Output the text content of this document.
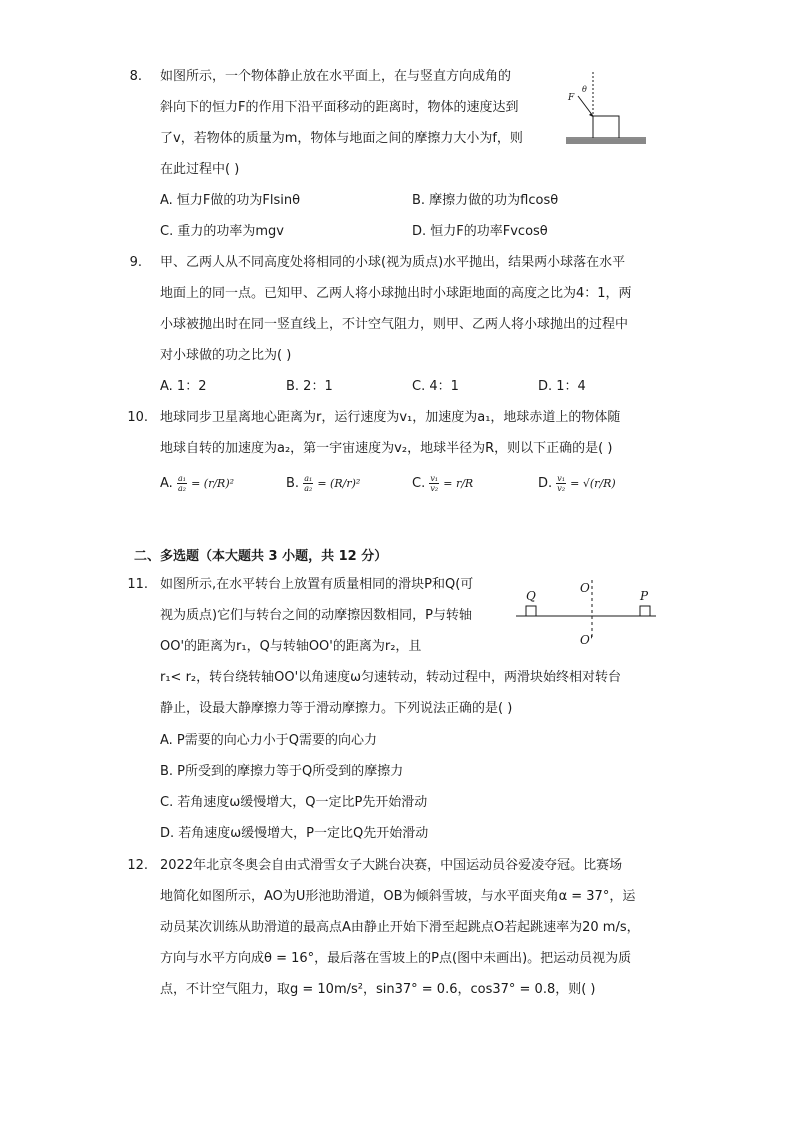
8. 如图所示，一个物体静止放在水平面上，在与竖直方向成角的
斜向下的恒力F的作用下沿平面移动的距离时，物体的速度达到
了v，若物体的质量为m，物体与地面之间的摩擦力大小为f，则
在此过程中( )
F
θ
A. 恒力F做的功为Flsinθ	B. 摩擦力做的功为flcosθ
C. 重力的功率为mgv	D. 恒力F的功率Fvcosθ
9. 甲、乙两人从不同高度处将相同的小球(视为质点)水平抛出，结果两小球落在水平
地面上的同一点。已知甲、乙两人将小球抛出时小球距地面的高度之比为4：1，两
小球被抛出时在同一竖直线上，不计空气阻力，则甲、乙两人将小球抛出的过程中
对小球做的功之比为( )
A. 1：2	B. 2：1	C. 4：1	D. 1：4
10. 地球同步卫星离地心距离为r，运行速度为v₁，加速度为a₁，地球赤道上的物体随
地球自转的加速度为a₂，第一宇宙速度为v₂，地球半径为R，则以下正确的是( )
A. $\frac{\text{a₁}}{\text{a₂}} = (r/R)^2$	B. $\frac{\text{a₁}}{\text{a₂}} = (R/r)^2$	C. $\frac{\text{v₁}}{\text{v₂}} = r/R$	D. $\frac{\text{v₁}}{\text{v₂}} = √(r/R)$
二、多选题（本大题共 3 小题，共 12 分）
11. 如图所示,在水平转台上放置有质量相同的滑块P和Q(可
视为质点)它们与转台之间的动摩擦因数相同，P与转轴
OO'的距离为r₁，Q与转轴OO'的距离为r₂，且
Q
O
P
O'
r₁< r₂，转台绕转轴OO'以角速度ω匀速转动，转动过程中，两滑块始终相对转台
静止，设最大静摩擦力等于滑动摩擦力。下列说法正确的是( )
A. P需要的向心力小于Q需要的向心力
B. P所受到的摩擦力等于Q所受到的摩擦力
C. 若角速度ω缓慢增大，Q一定比P先开始滑动
D. 若角速度ω缓慢增大，P一定比Q先开始滑动
12. 2022年北京冬奥会自由式滑雪女子大跳台决赛，中国运动员谷爱凌夺冠。比赛场
地简化如图所示，AO为U形池助滑道，OB为倾斜雪坡，与水平面夹角α = 37°，运
动员某次训练从助滑道的最高点A由静止开始下滑至起跳点O若起跳速率为20 m/s，
方向与水平方向成θ = 16°，最后落在雪坡上的P点(图中未画出)。把运动员视为质
点，不计空气阻力，取g = 10m/s²，sin37° = 0.6，cos37° = 0.8，则( )
